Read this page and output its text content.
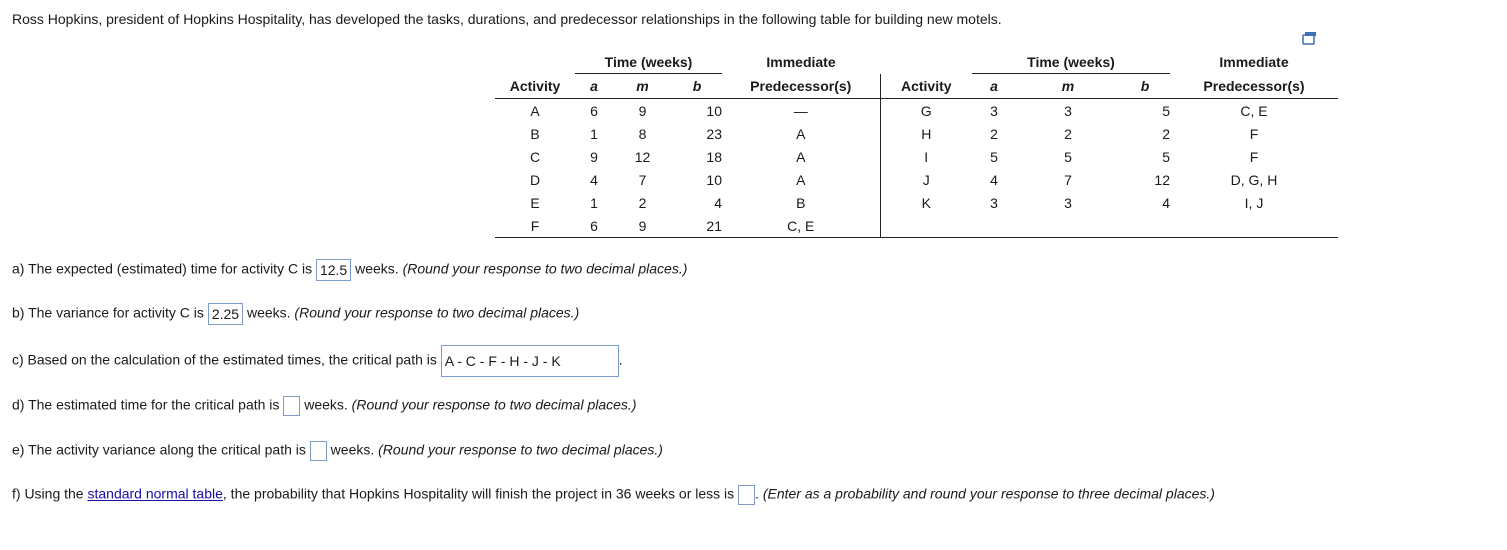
Ross Hopkins, president of Hopkins Hospitality, has developed the tasks, durations, and predecessor relationships in the following table for building new motels.
	Time (weeks)			Immediate		Time (weeks)			Immediate
Activity	a	m	b	Predecessor(s)	Activity	a	m	b	Predecessor(s)
A	6	9	10	—	G	3	3	5	C, E
B	1	8	23	A	H	2	2	2	F
C	9	12	18	A	I	5	5	5	F
D	4	7	10	A	J	4	7	12	D, G, H
E	1	2	4	B	K	3	3	4	I, J
F	6	9	21	C, E					
a) The expected (estimated) time for activity C is 12.5 weeks. (Round your response to two decimal places.)
b) The variance for activity C is 2.25 weeks. (Round your response to two decimal places.)
c) Based on the calculation of the estimated times, the critical path is A - C - F - H - J - K	.
d) The estimated time for the critical path is weeks. (Round your response to two decimal places.)
e) The activity variance along the critical path is weeks. (Round your response to two decimal places.)
f) Using the standard normal table, the probability that Hopkins Hospitality will finish the project in 36 weeks or less is . (Enter as a probability and round your response to three decimal places.)
